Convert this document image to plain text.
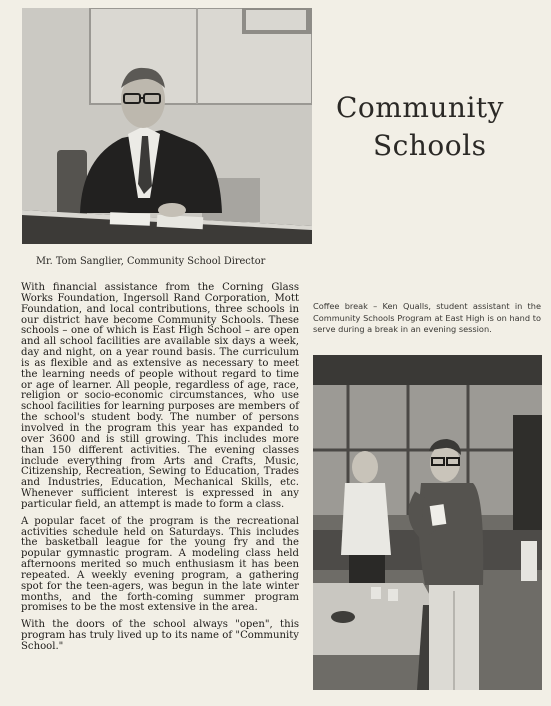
Community
Schools

Mr. Tom Sanglier, Community School Director

With financial assistance from the Corning Glass Works Foundation, Ingersoll Rand Corporation, Mott Foundation, and local contributions, three schools in our district have become Community Schools. These schools – one of which is East High School – are open and all school facilities are available six days a week, day and night, on a year round basis. The curriculum is as flexible and as extensive as necessary to meet the learning needs of people without regard to time or age of learner. All people, regardless of age, race, religion or socio-economic circumstances, who use school facilities for learning purposes are members of the school's student body. The number of persons involved in the program this year has expanded to over 3600 and is still growing. This includes more than 150 different activities. The evening classes include everything from Arts and Crafts, Music, Citizenship, Recreation, Sewing to Education, Trades and Industries, Education, Mechanical Skills, etc. Whenever sufficient interest is expressed in any particular field, an attempt is made to form a class.

A popular facet of the program is the recreational activities schedule held on Saturdays. This includes the basketball league for the young fry and the popular gymnastic program. A modeling class held afternoons merited so much enthusiasm it has been repeated. A weekly evening program, a gathering spot for the teen-agers, was begun in the late winter months, and the forth-coming summer program promises to be the most extensive in the area.

With the doors of the school always "open", this program has truly lived up to its name of "Community School."

Coffee break – Ken Qualls, student assistant in the Community Schools Program at East High is on hand to serve during a break in an evening session.
